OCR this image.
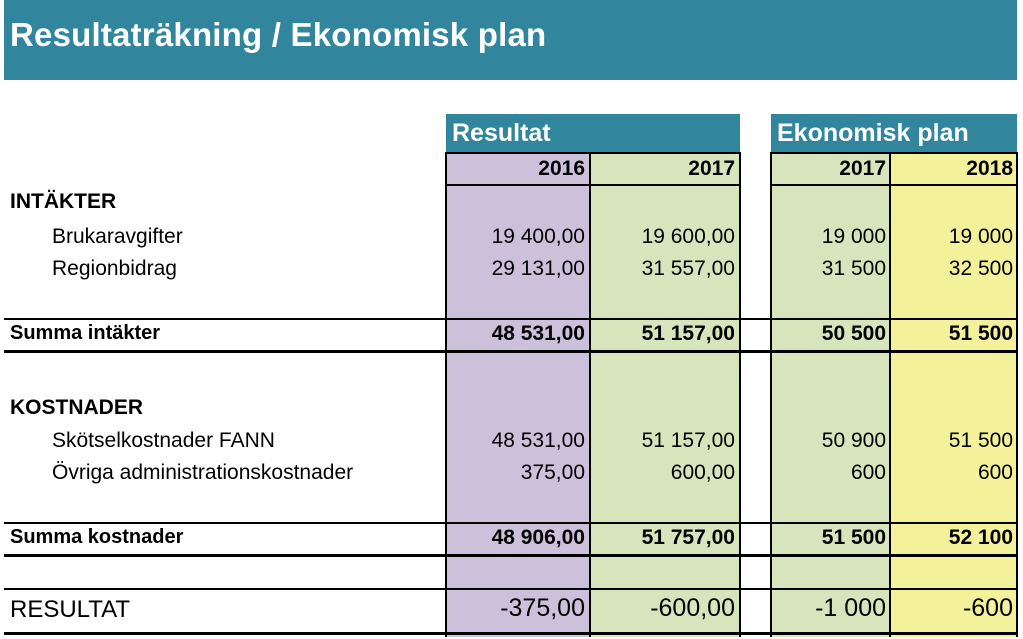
Resultaträkning / Ekonomisk plan
Resultat	Ekonomisk plan
2016	2017	2017	2018
INTÄKTER
Brukaravgifter	19 400,00	19 600,00	19 000	19 000
Regionbidrag	29 131,00	31 557,00	31 500	32 500
Summa intäkter	48 531,00	51 157,00	50 500	51 500
KOSTNADER
Skötselkostnader FANN	48 531,00	51 157,00	50 900	51 500
Övriga administrationskostnader	375,00	600,00	600	600
Summa kostnader	48 906,00	51 757,00	51 500	52 100
RESULTAT	-375,00	-600,00	-1 000	-600
